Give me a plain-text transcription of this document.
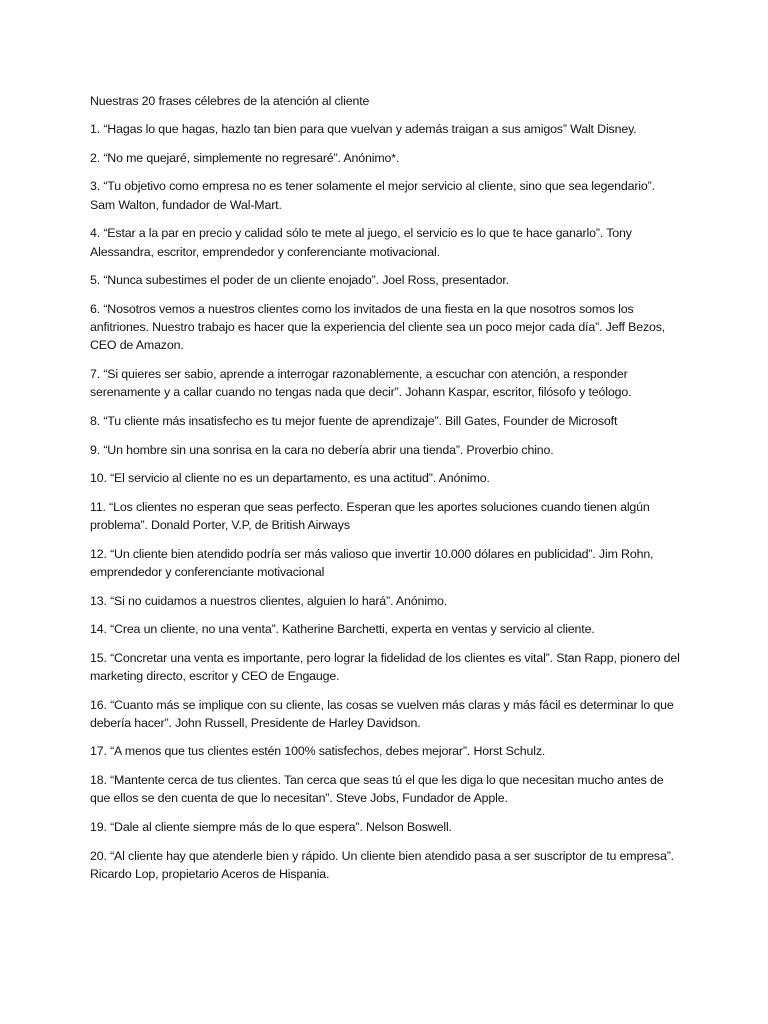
Nuestras 20 frases célebres de la atención al cliente

1. “Hagas lo que hagas, hazlo tan bien para que vuelvan y además traigan a sus amigos” Walt Disney.

2. “No me quejaré, simplemente no regresaré”. Anónimo*.

3. “Tu objetivo como empresa no es tener solamente el mejor servicio al cliente, sino que sea legendario”. Sam Walton, fundador de Wal-Mart.

4. “Estar a la par en precio y calidad sólo te mete al juego, el servicio es lo que te hace ganarlo”. Tony Alessandra, escritor, emprendedor y conferenciante motivacional.

5. “Nunca subestimes el poder de un cliente enojado”. Joel Ross, presentador.

6. “Nosotros vemos a nuestros clientes como los invitados de una fiesta en la que nosotros somos los anfitriones. Nuestro trabajo es hacer que la experiencia del cliente sea un poco mejor cada día”. Jeff Bezos, CEO de Amazon.

7. “Si quieres ser sabio, aprende a interrogar razonablemente, a escuchar con atención, a responder serenamente y a callar cuando no tengas nada que decir”. Johann Kaspar, escritor, filósofo y teólogo.

8. “Tu cliente más insatisfecho es tu mejor fuente de aprendizaje”. Bill Gates, Founder de Microsoft

9. “Un hombre sin una sonrisa en la cara no debería abrir una tienda”. Proverbio chino.

10. “El servicio al cliente no es un departamento, es una actitud”. Anónimo.

11. “Los clientes no esperan que seas perfecto. Esperan que les aportes soluciones cuando tienen algún problema”. Donald Porter, V.P, de British Airways

12. “Un cliente bien atendido podría ser más valioso que invertir 10.000 dólares en publicidad”. Jim Rohn, emprendedor y conferenciante motivacional

13. “Si no cuidamos a nuestros clientes, alguien lo hará”. Anónimo.

14. “Crea un cliente, no una venta”. Katherine Barchetti, experta en ventas y servicio al cliente.

15. “Concretar una venta es importante, pero lograr la fidelidad de los clientes es vital”. Stan Rapp, pionero del marketing directo, escritor y CEO de Engauge.

16. “Cuanto más se implique con su cliente, las cosas se vuelven más claras y más fácil es determinar lo que debería hacer”. John Russell, Presidente de Harley Davidson.

17. “A menos que tus clientes estén 100% satisfechos, debes mejorar”. Horst Schulz.

18. “Mantente cerca de tus clientes. Tan cerca que seas tú el que les diga lo que necesitan mucho antes de que ellos se den cuenta de que lo necesitan”. Steve Jobs, Fundador de Apple.

19. “Dale al cliente siempre más de lo que espera”. Nelson Boswell.

20. “Al cliente hay que atenderle bien y rápido. Un cliente bien atendido pasa a ser suscriptor de tu empresa”. Ricardo Lop, propietario Aceros de Hispania.
